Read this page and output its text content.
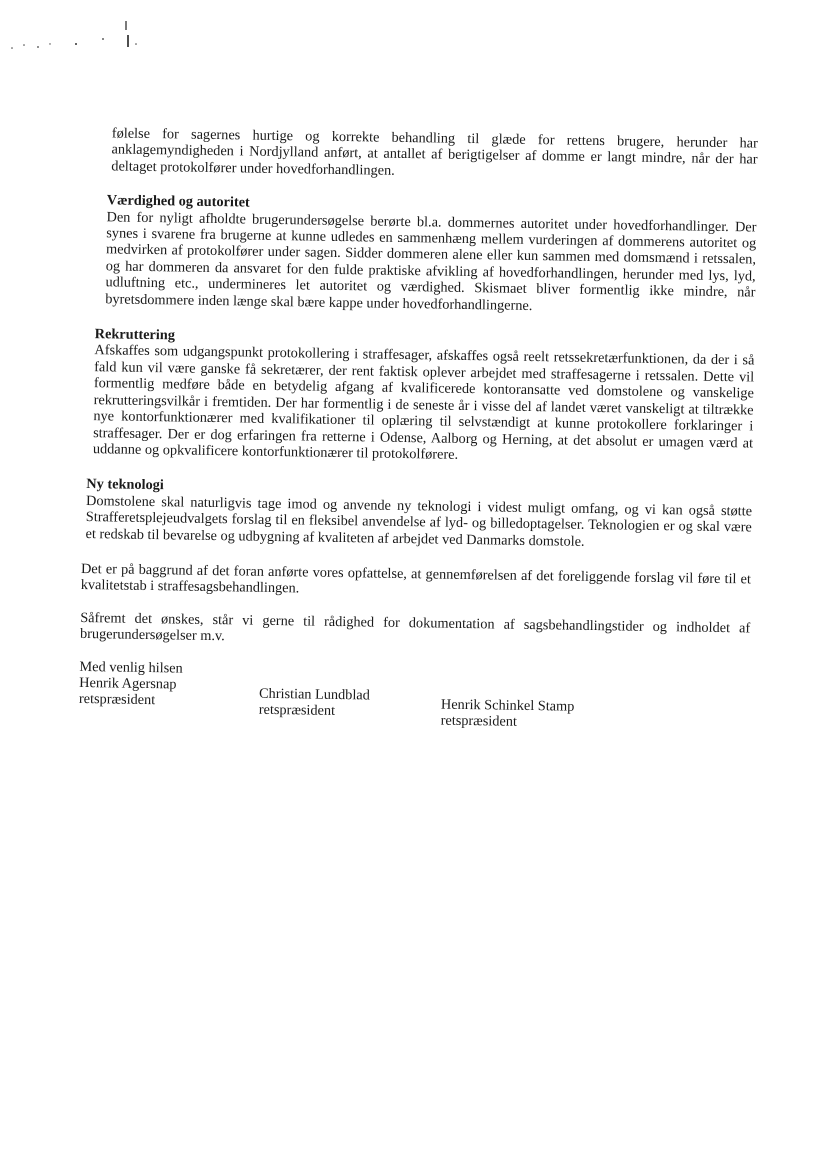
følelse for sagernes hurtige og korrekte behandling til glæde for rettens brugere, herunder har anklagemyndigheden i Nordjylland anført, at antallet af berigtigelser af domme er langt mindre, når der har deltaget protokolfører under hovedforhandlingen.

Værdighed og autoritet

Den for nyligt afholdte brugerundersøgelse berørte bl.a. dommernes autoritet under hovedforhandlinger. Der synes i svarene fra brugerne at kunne udledes en sammenhæng mellem vurderingen af dommerens autoritet og medvirken af protokolfører under sagen. Sidder dommeren alene eller kun sammen med domsmænd i retssalen, og har dommeren da ansvaret for den fulde praktiske afvikling af hovedforhandlingen, herunder med lys, lyd, udluftning etc., undermineres let autoritet og værdighed. Skismaet bliver formentlig ikke mindre, når byretsdommere inden længe skal bære kappe under hovedforhandlingerne.

Rekruttering

Afskaffes som udgangspunkt protokollering i straffesager, afskaffes også reelt retssekretærfunktionen, da der i så fald kun vil være ganske få sekretærer, der rent faktisk oplever arbejdet med straffesagerne i retssalen. Dette vil formentlig medføre både en betydelig afgang af kvalificerede kontoransatte ved domstolene og vanskelige rekrutteringsvilkår i fremtiden. Der har formentlig i de seneste år i visse del af landet været vanskeligt at tiltrække nye kontorfunktionærer med kvalifikationer til oplæring til selvstændigt at kunne protokollere forklaringer i straffesager. Der er dog erfaringen fra retterne i Odense, Aalborg og Herning, at det absolut er umagen værd at uddanne og opkvalificere kontorfunktionærer til protokolførere.

Ny teknologi

Domstolene skal naturligvis tage imod og anvende ny teknologi i videst muligt omfang, og vi kan også støtte Strafferetsplejeudvalgets forslag til en fleksibel anvendelse af lyd- og billedoptagelser. Teknologien er og skal være et redskab til bevarelse og udbygning af kvaliteten af arbejdet ved Danmarks domstole.

Det er på baggrund af det foran anførte vores opfattelse, at gennemførelsen af det foreliggende forslag vil føre til et kvalitetstab i straffesagsbehandlingen.

Såfremt det ønskes, står vi gerne til rådighed for dokumentation af sagsbehandlingstider og indholdet af brugerundersøgelser m.v.

Med venlig hilsen

Henrik Agersnap
retspræsident	Christian Lundblad
retspræsident	Henrik Schinkel Stamp
retspræsident
